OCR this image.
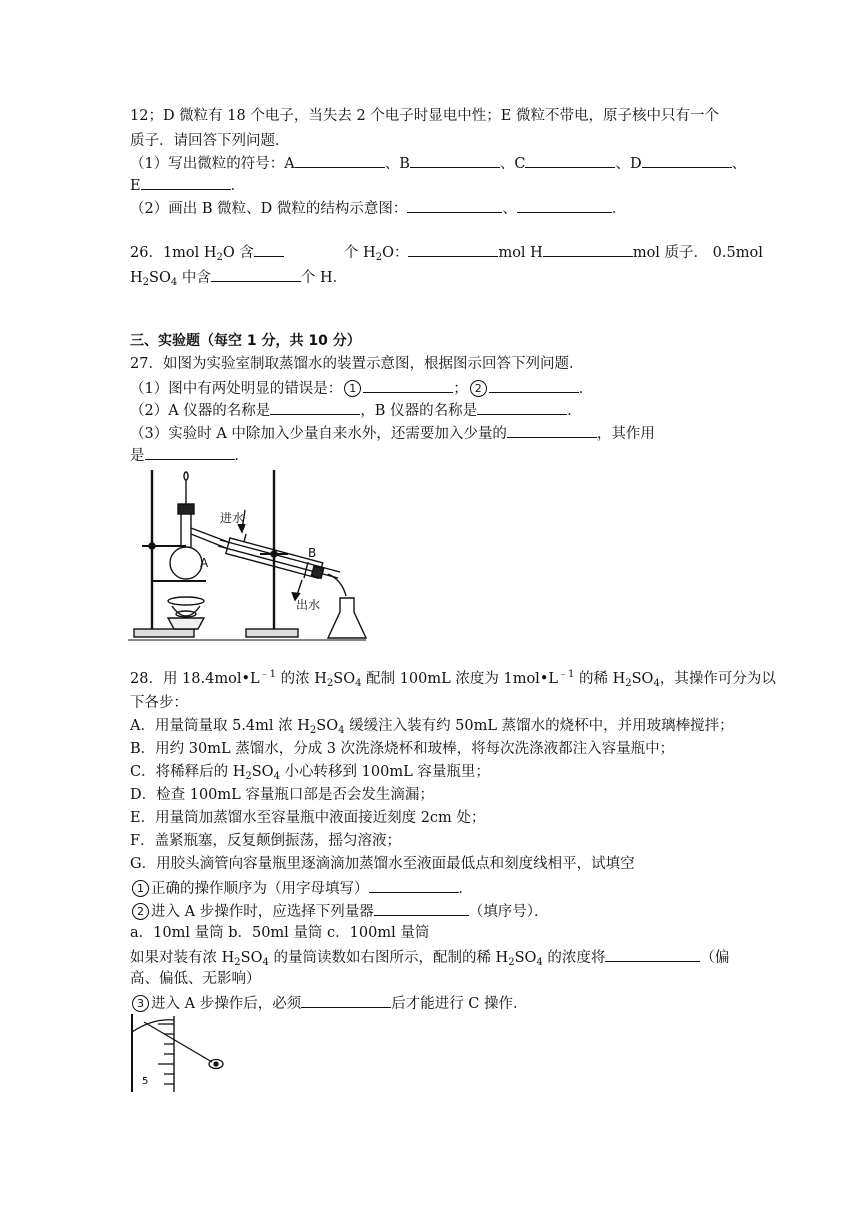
12；D 微粒有 18 个电子，当失去 2 个电子时显电中性；E 微粒不带电，原子核中只有一个
质子．请回答下列问题．
（1）写出微粒的符号：A	、B	、C	、D	、
E	．
（2）画出 B 微粒、D 微粒的结构示意图：	、	．
26．1mol $H_2O$ 含	个 $H_2O$：	mol H	mol 质子． 0.5mol
$H_2SO_4$ 中含	个 H．
三、实验题（每空 1 分，共 10 分）
27．如图为实验室制取蒸馏水的装置示意图，根据图示回答下列问题．
（1）图中有两处明显的错误是： 1	； 2	．
（2）A 仪器的名称是	，B 仪器的名称是	．
（3）实验时 A 中除加入少量自来水外，还需要加入少量的	，其作用
是	．
进水
A
B
出水
28．用 $18.4mol•L^{﹣1}$ 的浓 $H_2SO_4$ 配制 100mL 浓度为 $1mol•L^{﹣1}$ 的稀 $H_2SO_4$，其操作可分为以
下各步：
A．用量筒量取 5.4ml 浓 $H_2SO_4$ 缓缓注入装有约 50mL 蒸馏水的烧杯中，并用玻璃棒搅拌；
B．用约 30mL 蒸馏水，分成 3 次洗涤烧杯和玻棒，将每次洗涤液都注入容量瓶中；
C．将稀释后的 $H_2SO_4$ 小心转移到 100mL 容量瓶里；
D．检查 100mL 容量瓶口部是否会发生滴漏；
E．用量筒加蒸馏水至容量瓶中液面接近刻度 2cm 处；
F．盖紧瓶塞，反复颠倒振荡，摇匀溶液；
G．用胶头滴管向容量瓶里逐滴滴加蒸馏水至液面最低点和刻度线相平，试填空
1 正确的操作顺序为（用字母填写）	．
2 进入 A 步操作时，应选择下列量器	（填序号）．
a．10ml 量筒 b．50ml 量筒 c．100ml 量筒
如果对装有浓 $H_2SO_4$ 的量筒读数如右图所示，配制的稀 $H_2SO_4$ 的浓度将	（偏
高、偏低、无影响）
3 进入 A 步操作后，必须	后才能进行 C 操作．
5
